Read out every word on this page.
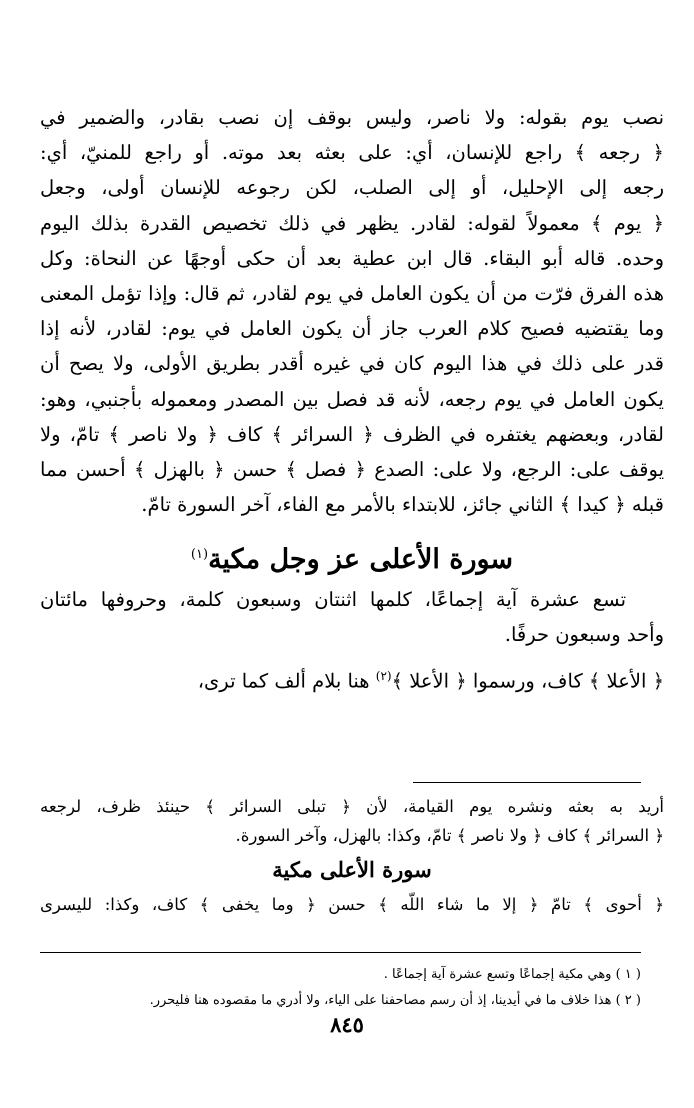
نصب يوم بقوله: ولا ناصر، وليس بوقف إن نصب بقادر، والضمير في
﴿ رجعه ﴾ راجع للإنسان، أي: على بعثه بعد موته. أو راجع للمنيّ، أي:
رجعه إلى الإحليل، أو إلى الصلب، لكن رجوعه للإنسان أولى، وجعل
﴿ يوم ﴾ معمولاً لقوله: لقادر. يظهر في ذلك تخصيص القدرة بذلك اليوم
وحده. قاله أبو البقاء. قال ابن عطية بعد أن حكى أوجهًا عن النحاة: وكل
هذه الفرق فرّت من أن يكون العامل في يوم لقادر، ثم قال: وإذا تؤمل المعنى
وما يقتضيه فصيح كلام العرب جاز أن يكون العامل في يوم: لقادر، لأنه إذا
قدر على ذلك في هذا اليوم كان في غيره أقدر بطريق الأولى، ولا يصح أن
يكون العامل في يوم رجعه، لأنه قد فصل بين المصدر ومعموله بأجنبي، وهو:
لقادر، وبعضهم يغتفره في الظرف ﴿ السرائر ﴾ كاف ﴿ ولا ناصر ﴾ تامّ، ولا
يوقف على: الرجع، ولا على: الصدع ﴿ فصل ﴾ حسن ﴿ بالهزل ﴾ أحسن مما
قبله ﴿ كيدا ﴾ الثاني جائز، للابتداء بالأمر مع الفاء، آخر السورة تامّ.
سورة الأعلى عز وجل مكية$^{(١)}$
تسع عشرة آية إجماعًا، كلمها اثنتان وسبعون كلمة، وحروفها مائتان
وأحد وسبعون حرفًا.
﴿ الأعلا ﴾ كاف، ورسموا ﴿ الأعلا ﴾$^{(٢)}$ هنا بلام ألف كما ترى،
أريد به بعثه ونشره يوم القيامة، لأن ﴿ تبلى السرائر ﴾ حينئذ ظرف، لرجعه
﴿ السرائر ﴾ كاف ﴿ ولا ناصر ﴾ تامّ، وكذا: بالهزل، وآخر السورة.
سورة الأعلى مكية
﴿ أحوى ﴾ تامّ ﴿ إلا ما شاء اللّه ﴾ حسن ﴿ وما يخفى ﴾ كاف، وكذا: لليسرى
( ١ ) وهي مكية إجماعًا وتسع عشرة آية إجماعًا .
( ٢ ) هذا خلاف ما في أيدينا، إذ أن رسم مصاحفنا على الياء، ولا أدري ما مقصوده هنا فليحرر.
٨٤٥
